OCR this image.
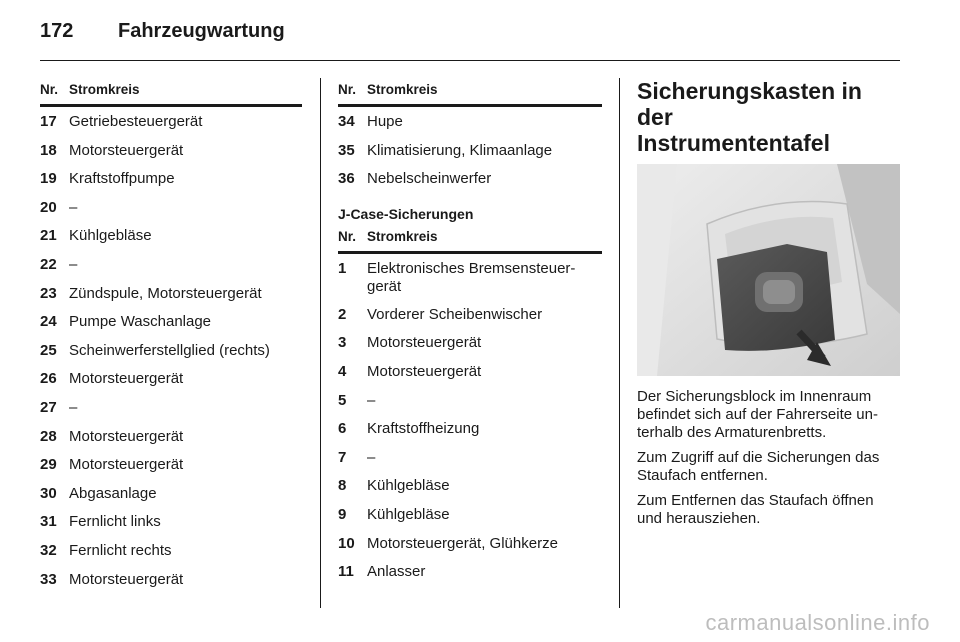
172 Fahrzeugwartung
Nr. Stromkreis
17 Getriebesteuergerät
18 Motorsteuergerät
19 Kraftstoffpumpe
20 –
21 Kühlgebläse
22 –
23 Zündspule, Motorsteuergerät
24 Pumpe Waschanlage
25 Scheinwerferstellglied (rechts)
26 Motorsteuergerät
27 –
28 Motorsteuergerät
29 Motorsteuergerät
30 Abgasanlage
31 Fernlicht links
32 Fernlicht rechts
33 Motorsteuergerät
Nr. Stromkreis
34 Hupe
35 Klimatisierung, Klimaanlage
36 Nebelscheinwerfer
J-Case-Sicherungen
Nr. Stromkreis
1	Elektronisches Bremsensteuer-
gerät
2	Vorderer Scheibenwischer
3	Motorsteuergerät
4	Motorsteuergerät
5	–
6	Kraftstoffheizung
7	–
8	Kühlgebläse
9	Kühlgebläse
10 Motorsteuergerät, Glühkerze
11 Anlasser
Sicherungskasten in der
Instrumententafel

Der Sicherungsblock im Innenraum befindet sich auf der Fahrerseite un-terhalb des Armaturenbretts.

Zum Zugriff auf die Sicherungen das Staufach entfernen.

Zum Entfernen das Staufach öffnen und herausziehen.

carmanualsonline.info
